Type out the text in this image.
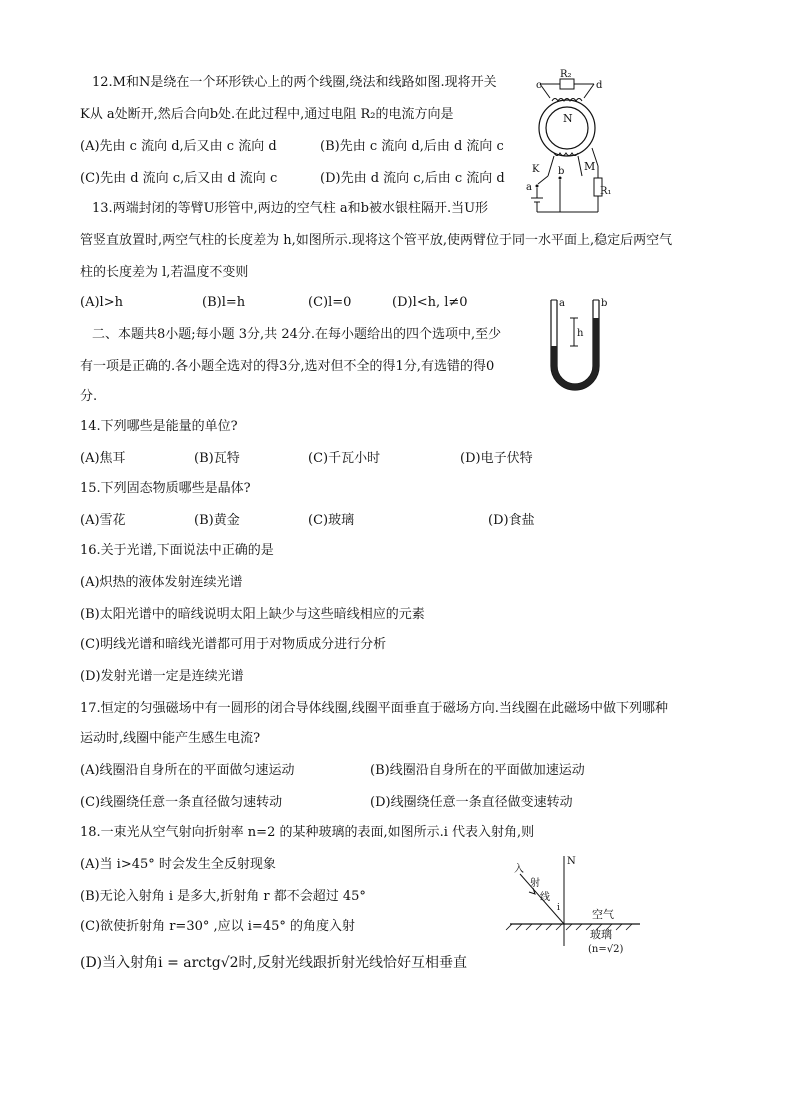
12.M和N是绕在一个环形铁心上的两个线圈,绕法和线路如图.现将开关
K从 a处断开,然后合向b处.在此过程中,通过电阻 R₂的电流方向是
(A)先由 c 流向 d,后又由 c 流向 d	(B)先由 c 流向 d,后由 d 流向 c
(C)先由 d 流向 c,后又由 d 流向 c	(D)先由 d 流向 c,后由 c 流向 d
R₂
c	d
N
M
R₁
K
a
b
13.两端封闭的等臂U形管中,两边的空气柱 a和b被水银柱隔开.当U形
管竖直放置时,两空气柱的长度差为 h,如图所示.现将这个管平放,使两臂位于同一水平面上,稳定后两空气
柱的长度差为 l,若温度不变则
(A)l>h	(B)l=h	(C)l=0	(D)l<h, l≠0	a	b
h
二、本题共8小题;每小题 3分,共 24分.在每小题给出的四个选项中,至少
有一项是正确的.各小题全选对的得3分,选对但不全的得1分,有选错的得0
分.
14.下列哪些是能量的单位?
(A)焦耳	(B)瓦特	(C)千瓦小时	(D)电子伏特
15.下列固态物质哪些是晶体?
(A)雪花	(B)黄金	(C)玻璃	(D)食盐
16.关于光谱,下面说法中正确的是
(A)炽热的液体发射连续光谱
(B)太阳光谱中的暗线说明太阳上缺少与这些暗线相应的元素
(C)明线光谱和暗线光谱都可用于对物质成分进行分析
(D)发射光谱一定是连续光谱
17.恒定的匀强磁场中有一圆形的闭合导体线圈,线圈平面垂直于磁场方向.当线圈在此磁场中做下列哪种
运动时,线圈中能产生感生电流?
(A)线圈沿自身所在的平面做匀速运动	(B)线圈沿自身所在的平面做加速运动
(C)线圈绕任意一条直径做匀速转动	(D)线圈绕任意一条直径做变速转动
18.一束光从空气射向折射率 n=2 的某种玻璃的表面,如图所示.i 代表入射角,则
(A)当 i>45° 时会发生全反射现象
(B)无论入射角 i 是多大,折射角 r 都不会超过 45°
(C)欲使折射角 r=30° ,应以 i=45° 的角度入射
(D)当入射角i = arctg√2时,反射光线跟折射光线恰好互相垂直
N
入
射
线
i	空气
玻璃
(n=√2)
